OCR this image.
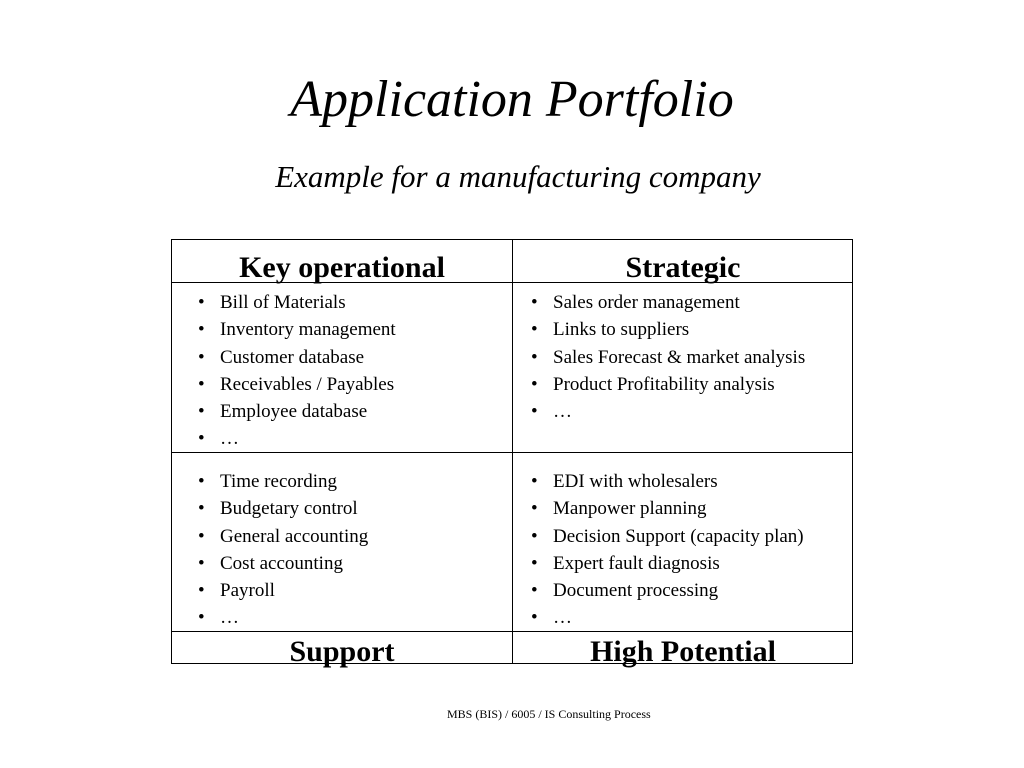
Application Portfolio
Example for a manufacturing company
Key operational	Strategic
• Bill of Materials
• Inventory management
• Customer database
• Receivables / Payables
• Employee database
• …
• Sales order management
• Links to suppliers
• Sales Forecast & market analysis
• Product Profitability analysis
• …
• Time recording
• Budgetary control
• General accounting
• Cost accounting
• Payroll
• …
• EDI with wholesalers
• Manpower planning
• Decision Support (capacity plan)
• Expert fault diagnosis
• Document processing
• …
Support	High Potential
MBS (BIS) / 6005 / IS Consulting Process
